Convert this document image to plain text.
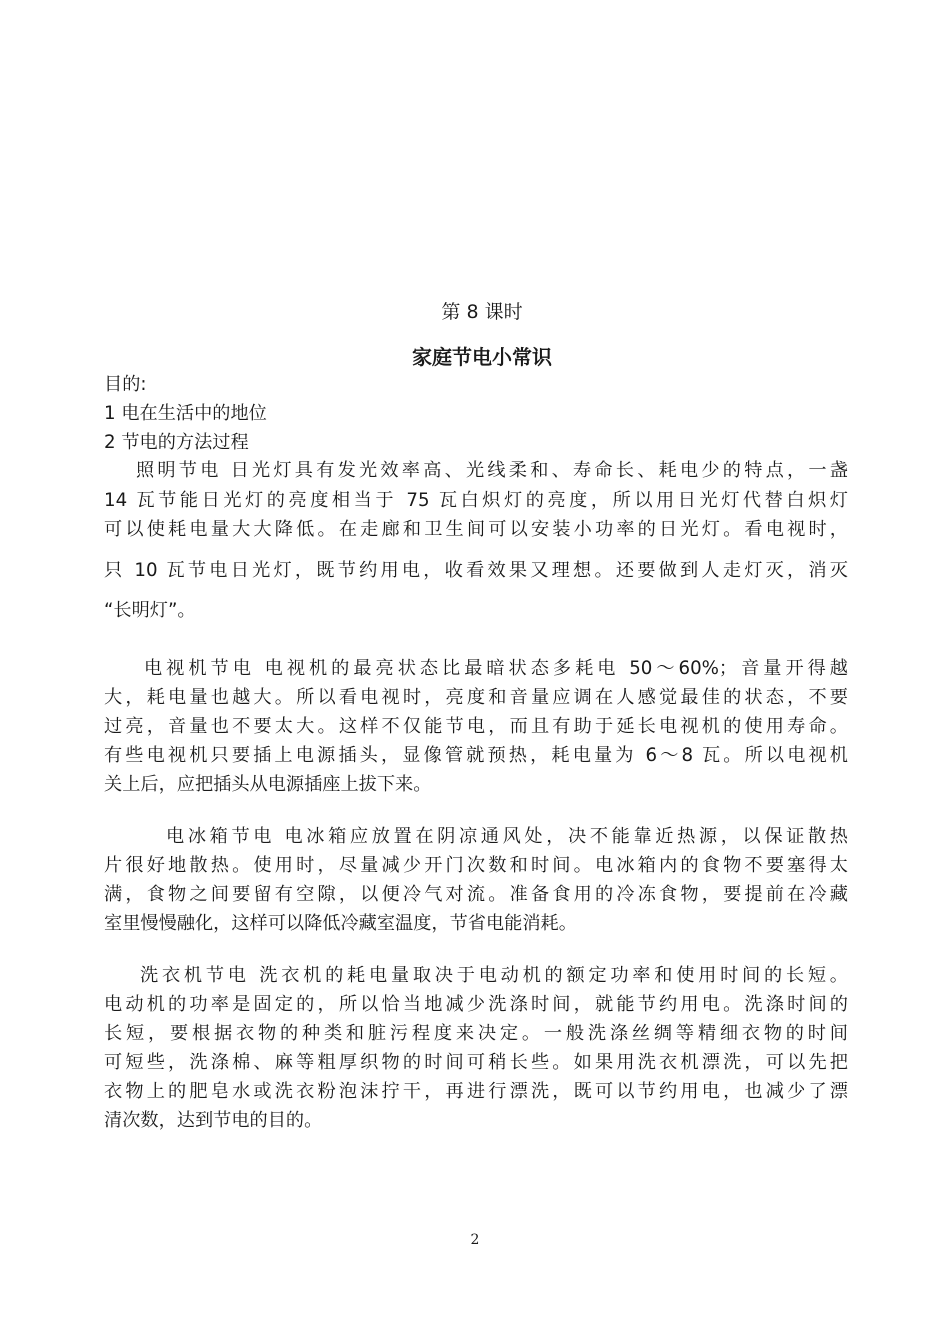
第 8 课时
家庭节电小常识
目的:
1 电在生活中的地位
2 节电的方法过程
照明节电 日光灯具有发光效率高、光线柔和、寿命长、耗电少的特点，一盏
14 瓦节能日光灯的亮度相当于 75 瓦白炽灯的亮度，所以用日光灯代替白炽灯
可以使耗电量大大降低。在走廊和卫生间可以安装小功率的日光灯。看电视时，
只 10 瓦节电日光灯，既节约用电，收看效果又理想。还要做到人走灯灭，消灭
“长明灯”。
电视机节电 电视机的最亮状态比最暗状态多耗电 50～60%；音量开得越
大，耗电量也越大。所以看电视时，亮度和音量应调在人感觉最佳的状态，不要
过亮，音量也不要太大。这样不仅能节电，而且有助于延长电视机的使用寿命。
有些电视机只要插上电源插头，显像管就预热，耗电量为 6～8 瓦。所以电视机
关上后，应把插头从电源插座上拔下来。
电冰箱节电 电冰箱应放置在阴凉通风处，决不能靠近热源，以保证散热
片很好地散热。使用时，尽量减少开门次数和时间。电冰箱内的食物不要塞得太
满，食物之间要留有空隙，以便冷气对流。准备食用的冷冻食物，要提前在冷藏
室里慢慢融化，这样可以降低冷藏室温度，节省电能消耗。
洗衣机节电 洗衣机的耗电量取决于电动机的额定功率和使用时间的长短。
电动机的功率是固定的，所以恰当地减少洗涤时间，就能节约用电。洗涤时间的
长短，要根据衣物的种类和脏污程度来决定。一般洗涤丝绸等精细衣物的时间
可短些，洗涤棉、麻等粗厚织物的时间可稍长些。如果用洗衣机漂洗，可以先把
衣物上的肥皂水或洗衣粉泡沫拧干，再进行漂洗，既可以节约用电，也减少了漂
清次数，达到节电的目的。
2
